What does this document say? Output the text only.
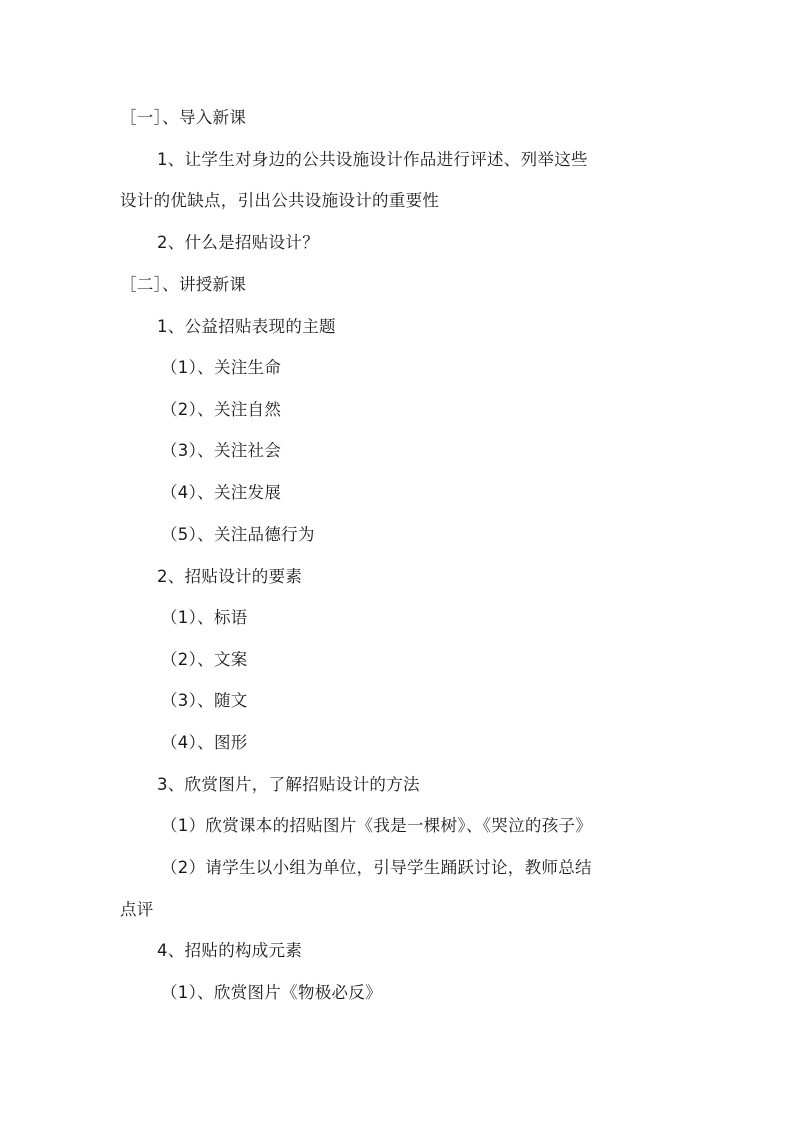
［一］、导入新课
1、让学生对身边的公共设施设计作品进行评述、列举这些
设计的优缺点，引出公共设施设计的重要性
2、什么是招贴设计？
［二］、讲授新课
1、公益招贴表现的主题
（1）、关注生命
（2）、关注自然
（3）、关注社会
（4）、关注发展
（5）、关注品德行为
2、招贴设计的要素
（1）、标语
（2）、文案
（3）、随文
（4）、图形
3、欣赏图片，了解招贴设计的方法
（1）欣赏课本的招贴图片《我是一棵树》、《哭泣的孩子》
（2）请学生以小组为单位，引导学生踊跃讨论，教师总结
点评
4、招贴的构成元素
（1）、欣赏图片《物极必反》
